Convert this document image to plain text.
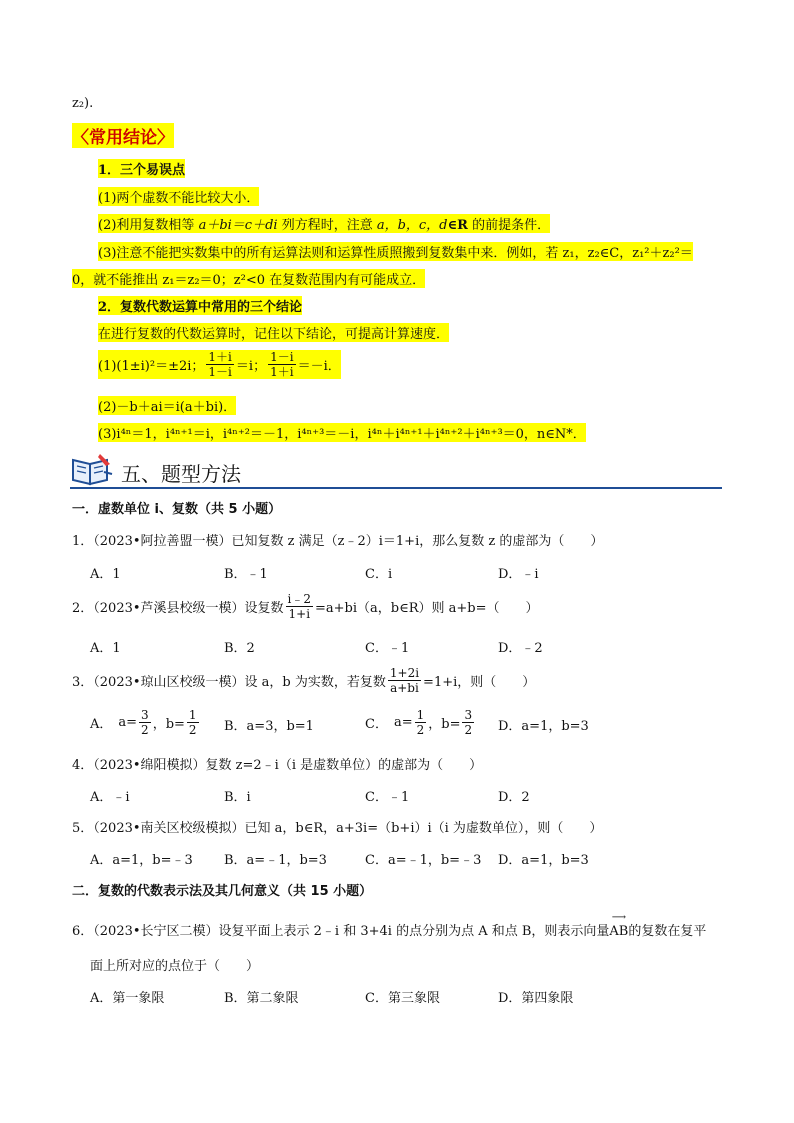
z₂).
〈常用结论〉
1．三个易误点
(1)两个虚数不能比较大小．
(2)利用复数相等 a＋bi＝c＋di 列方程时，注意 a，b，c，d∈R 的前提条件．
(3)注意不能把实数集中的所有运算法则和运算性质照搬到复数集中来．例如，若 z₁，z₂∈C，z₁²＋z₂²＝
0，就不能推出 z₁＝z₂＝0；z²<0 在复数范围内有可能成立．
2．复数代数运算中常用的三个结论
在进行复数的代数运算时，记住以下结论，可提高计算速度．
(1)(1±i)²＝±2i； $\frac{1+i}{1-i} =i$； $\frac{1-i}{1+i} =-i$．
(2)－b＋ai＝i(a＋bi)．
(3)i⁴ⁿ＝1，i⁴ⁿ⁺¹＝i，i⁴ⁿ⁺²＝－1，i⁴ⁿ⁺³＝－i，i⁴ⁿ＋i⁴ⁿ⁺¹＋i⁴ⁿ⁺²＋i⁴ⁿ⁺³＝0，n∈N*．
五、题型方法
一．虚数单位 i、复数（共 5 小题）
1．（2023•阿拉善盟一模）已知复数 z 满足（z﹣2）i＝1+i，那么复数 z 的虚部为（　　）
A．1	B．﹣1	C．i	D．﹣i
2．（2023•芦溪县校级一模）设复数 $\frac{i﹣2}{1+i} =a+bi(a$，b∈R）则 a+b=（　　）
A．1	B．2	C．﹣1	D．﹣2
3．（2023•琼山区校级一模）设 a，b 为实数，若复数 $\frac{1+2i}{a+bi} =1+i$，则（　　）
A． $a= \frac{3}{2}$ ，$b= \frac{1}{2}$ B．a=3，b=1	C． $a= \frac{1}{2}$ ，$b= \frac{3}{2}$ D．a=1，b=3
4．（2023•绵阳模拟）复数 z=2﹣i（i 是虚数单位）的虚部为（　　）
A．﹣i	B．i	C．﹣1	D．2
5．（2023•南关区校级模拟）已知 a，b∈R，a+3i=（b+i）i（i 为虚数单位），则（　　）
A．a=1，b=﹣3 B．a=﹣1，b=3	C．a=﹣1，b=﹣3 D．a=1，b=3
二．复数的代数表示法及其几何意义（共 15 小题）
6．（2023•长宁区二模）设复平面上表示 2﹣i 和 3+4i 的点分别为点 A 和点 B，则表示向量
⟶
AB的复数在复平
面上所对应的点位于（　　）
A．第一象限	B．第二象限	C．第三象限	D．第四象限
